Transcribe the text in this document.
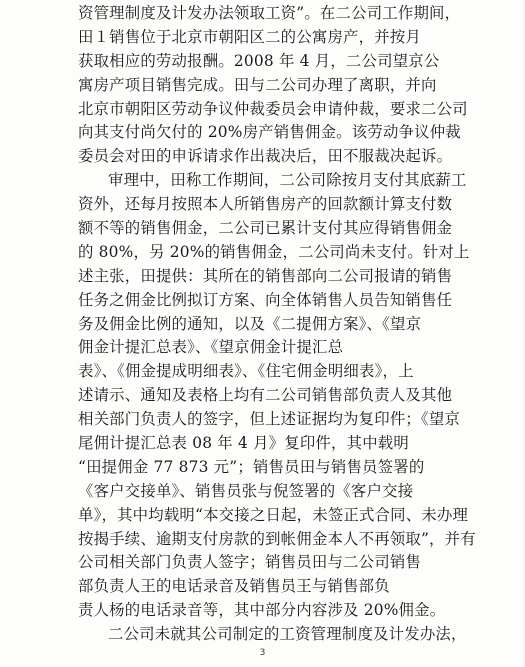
资管理制度及计发办法领取工资”。在二公司工作期间，
田１销售位于北京市朝阳区二的公寓房产，并按月
获取相应的劳动报酬。2008 年 4 月，二公司望京公
寓房产项目销售完成。田与二公司办理了离职，并向
北京市朝阳区劳动争议仲裁委员会申请仲裁，要求二公司
向其支付尚欠付的 20%房产销售佣金。该劳动争议仲裁
委员会对田的申诉请求作出裁决后，田不服裁决起诉。
审理中，田称工作期间，二公司除按月支付其底薪工
资外，还每月按照本人所销售房产的回款额计算支付数
额不等的销售佣金，二公司已累计支付其应得销售佣金
的 80%，另 20%的销售佣金，二公司尚未支付。针对上
述主张，田提供：其所在的销售部向二公司报请的销售
任务之佣金比例拟订方案、向全体销售人员告知销售任
务及佣金比例的通知，以及《二提佣方案》、《望京
佣金计提汇总表》、《望京佣金计提汇总
表》、《佣金提成明细表》、《住宅佣金明细表》，上
述请示、通知及表格上均有二公司销售部负责人及其他
相关部门负责人的签字，但上述证据均为复印件；《望京
尾佣计提汇总表 08 年 4 月》复印件，其中载明
“田提佣金 77 873 元”；销售员田与销售员签署的
《客户交接单》、销售员张与倪签署的《客户交接
单》，其中均载明“本交接之日起，未签正式合同、未办理
按揭手续、逾期支付房款的到帐佣金本人不再领取”，并有
公司相关部门负责人签字；销售员田与二公司销售
部负责人王的电话录音及销售员王与销售部负
责人杨的电话录音等，其中部分内容涉及 20%佣金。
二公司未就其公司制定的工资管理制度及计发办法，
3
